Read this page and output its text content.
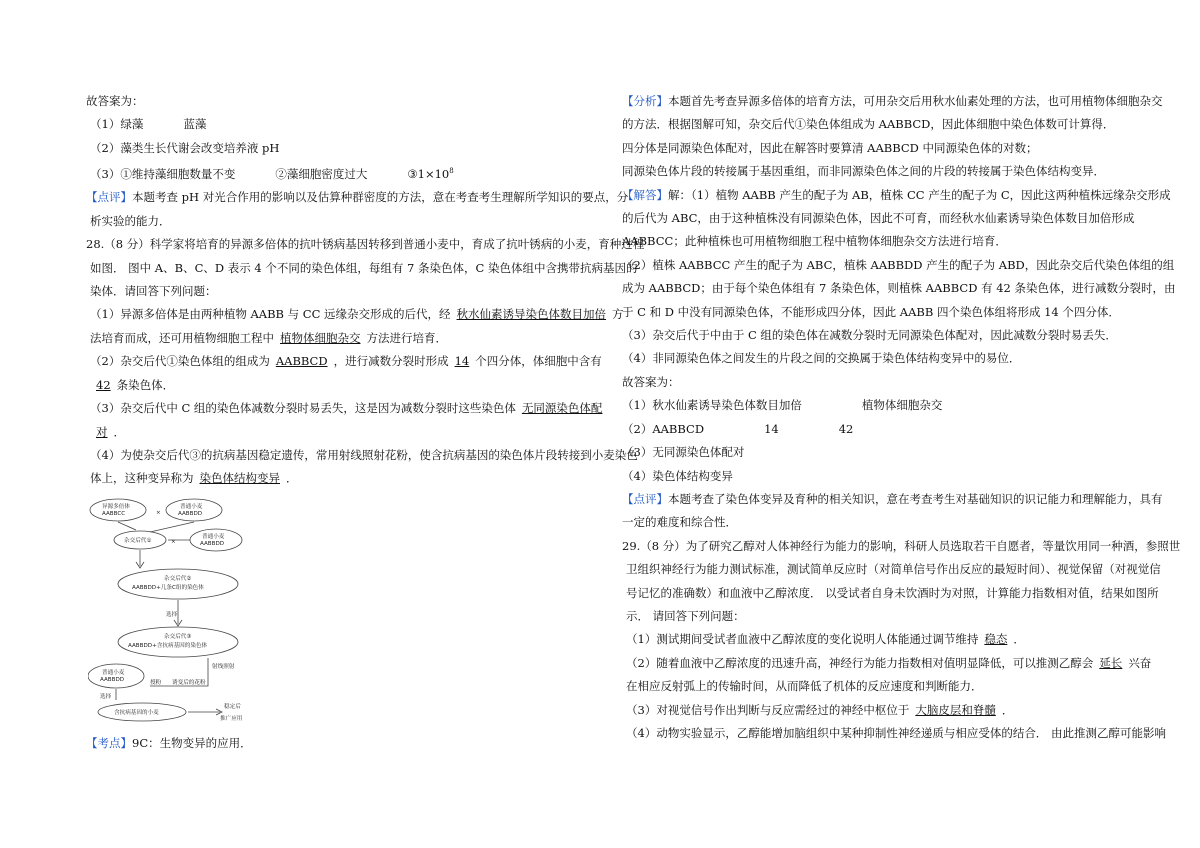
故答案为：

（1）绿藻	蓝藻

（2）藻类生长代谢会改变培养液 pH

（3）①维持藻细胞数量不变	②藻细胞密度过大	$③1\times 10^8$

【点评】本题考查 pH 对光合作用的影响以及估算种群密度的方法，意在考查考生理解所学知识的要点，分

析实验的能力．

28.（8 分）科学家将培育的异源多倍体的抗叶锈病基因转移到普通小麦中，育成了抗叶锈病的小麦，育种过程

如图． 图中 A、B、C、D 表示 4 个不同的染色体组，每组有 7 条染色体，C 染色体组中含携带抗病基因的

染体．请回答下列问题：

（1）异源多倍体是由两种植物 AABB 与 CC 远缘杂交形成的后代，经 秋水仙素诱导染色体数目加倍 方

法培育而成，还可用植物细胞工程中 植物体细胞杂交 方法进行培育．

（2）杂交后代①染色体组的组成为 AABBCD ，进行减数分裂时形成 14 个四分体，体细胞中含有

42 条染色体．

（3）杂交后代中 C 组的染色体减数分裂时易丢失，这是因为减数分裂时这些染色体 无同源染色体配

对 ．

（4）为使杂交后代③的抗病基因稳定遗传，常用射线照射花粉，使含抗病基因的染色体片段转接到小麦染色

体上，这种变异称为 染色体结构变异 ．

×
×
异源多倍体
AABBCC
普通小麦
AABBDD
杂交后代①
普通小麦
AABBDD
杂交后代②
AABBDD+几条C组的染色体
选择
杂交后代③
AABBDD+含抗病基因的染色体
射线照射
普通小麦
AABBDD	授粉 诱变后的花粉
选择
含抗病基因的小麦
稳定后
推广应用

【考点】9C：生物变异的应用．

【分析】本题首先考查异源多倍体的培育方法，可用杂交后用秋水仙素处理的方法，也可用植物体细胞杂交

的方法．根据图解可知，杂交后代①染色体组成为 AABBCD，因此体细胞中染色体数可计算得．

四分体是同源染色体配对，因此在解答时要算清 AABBCD 中同源染色体的对数；

同源染色体片段的转接属于基因重组，而非同源染色体之间的片段的转接属于染色体结构变异．

【解答】解：（1）植物 AABB 产生的配子为 AB，植株 CC 产生的配子为 C，因此这两种植株远缘杂交形成

的后代为 ABC，由于这种植株没有同源染色体，因此不可育，而经秋水仙素诱导染色体数目加倍形成

AABBCC；此种植株也可用植物细胞工程中植物体细胞杂交方法进行培育．

（2）植株 AABBCC 产生的配子为 ABC，植株 AABBDD 产生的配子为 ABD，因此杂交后代染色体组的组

成为 AABBCD；由于每个染色体组有 7 条染色体，则植株 AABBCD 有 42 条染色体，进行减数分裂时，由

于 C 和 D 中没有同源染色体，不能形成四分体，因此 AABB 四个染色体组将形成 14 个四分体．

（3）杂交后代于中由于 C 组的染色体在减数分裂时无同源染色体配对，因此减数分裂时易丢失．

（4）非同源染色体之间发生的片段之间的交换属于染色体结构变异中的易位．

故答案为：

（1）秋水仙素诱导染色体数目加倍	植物体细胞杂交

（2）AABBCD	14	42

（3）无同源染色体配对

（4）染色体结构变异

【点评】本题考查了染色体变异及育种的相关知识，意在考查考生对基础知识的识记能力和理解能力，具有

一定的难度和综合性．

29.（8 分）为了研究乙醇对人体神经行为能力的影响，科研人员选取若干自愿者，等量饮用同一种酒，参照世

卫组织神经行为能力测试标准，测试简单反应时（对简单信号作出反应的最短时间）、视觉保留（对视觉信

号记忆的准确数）和血液中乙醇浓度． 以受试者自身未饮酒时为对照，计算能力指数相对值，结果如图所

示． 请回答下列问题：

（1）测试期间受试者血液中乙醇浓度的变化说明人体能通过调节维持 稳态 ．

（2）随着血液中乙醇浓度的迅速升高，神经行为能力指数相对值明显降低，可以推测乙醇会 延长 兴奋

在相应反射弧上的传输时间，从而降低了机体的反应速度和判断能力．

（3）对视觉信号作出判断与反应需经过的神经中枢位于 大脑皮层和脊髓 ．

（4）动物实验显示，乙醇能增加脑组织中某种抑制性神经递质与相应受体的结合． 由此推测乙醇可能影响
